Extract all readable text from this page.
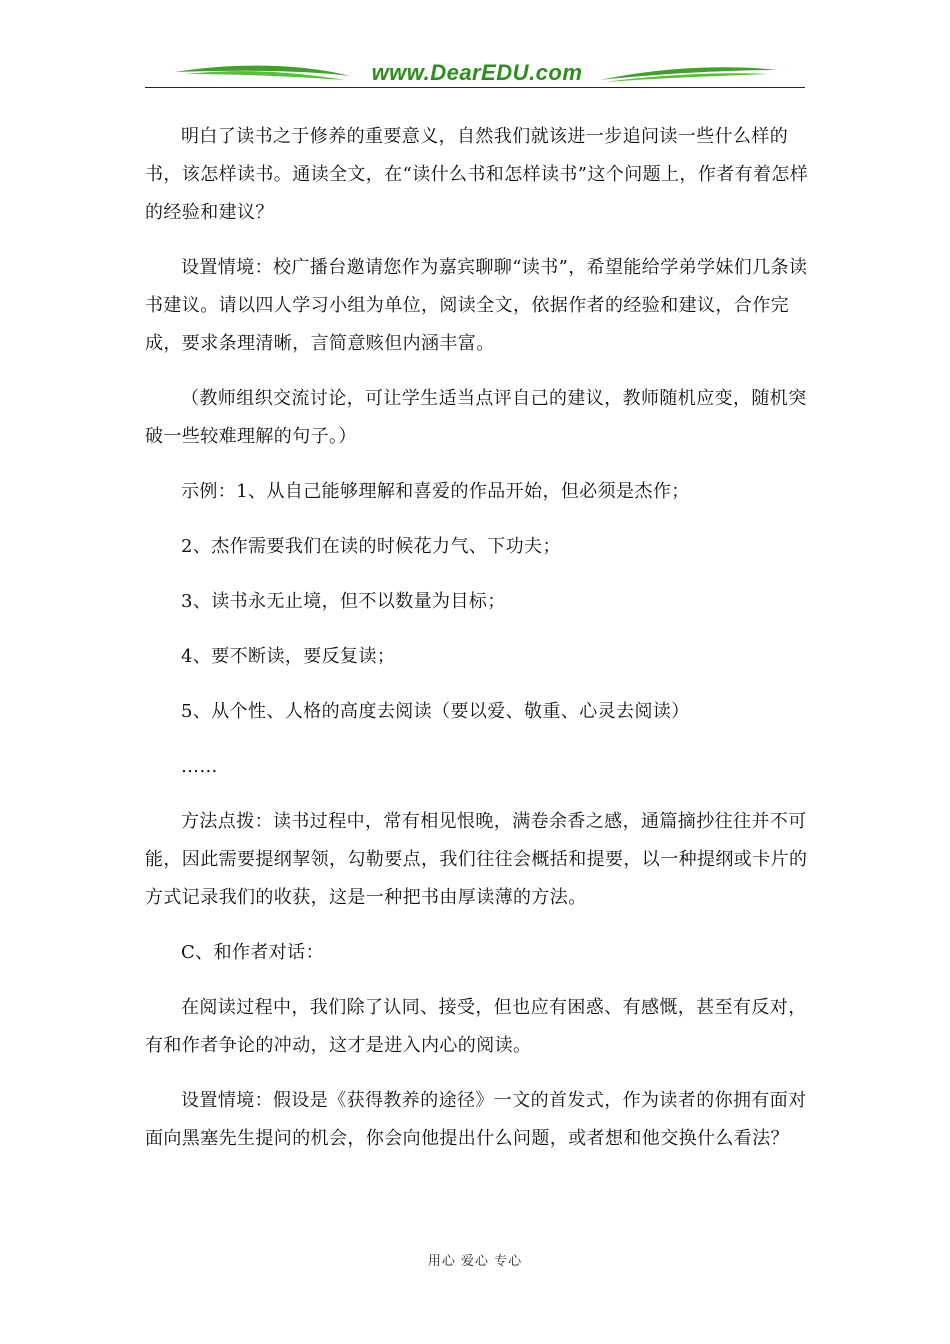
www.DearEDU.com

明白了读书之于修养的重要意义，自然我们就该进一步追问读一些什么样的书，该怎样读书。通读全文，在“读什么书和怎样读书”这个问题上，作者有着怎样的经验和建议？

设置情境：校广播台邀请您作为嘉宾聊聊“读书”，希望能给学弟学妹们几条读书建议。请以四人学习小组为单位，阅读全文，依据作者的经验和建议，合作完成，要求条理清晰，言简意赅但内涵丰富。

（教师组织交流讨论，可让学生适当点评自己的建议，教师随机应变，随机突破一些较难理解的句子。）

示例：1、从自己能够理解和喜爱的作品开始，但必须是杰作；

2、杰作需要我们在读的时候花力气、下功夫；

3、读书永无止境，但不以数量为目标；

4、要不断读，要反复读；

5、从个性、人格的高度去阅读（要以爱、敬重、心灵去阅读）

……

方法点拨：读书过程中，常有相见恨晚，满卷余香之感，通篇摘抄往往并不可能，因此需要提纲挈领，勾勒要点，我们往往会概括和提要，以一种提纲或卡片的方式记录我们的收获，这是一种把书由厚读薄的方法。

C、和作者对话：

在阅读过程中，我们除了认同、接受，但也应有困惑、有感慨，甚至有反对，有和作者争论的冲动，这才是进入内心的阅读。

设置情境：假设是《获得教养的途径》一文的首发式，作为读者的你拥有面对面向黑塞先生提问的机会，你会向他提出什么问题，或者想和他交换什么看法？

用心 爱心 专心
